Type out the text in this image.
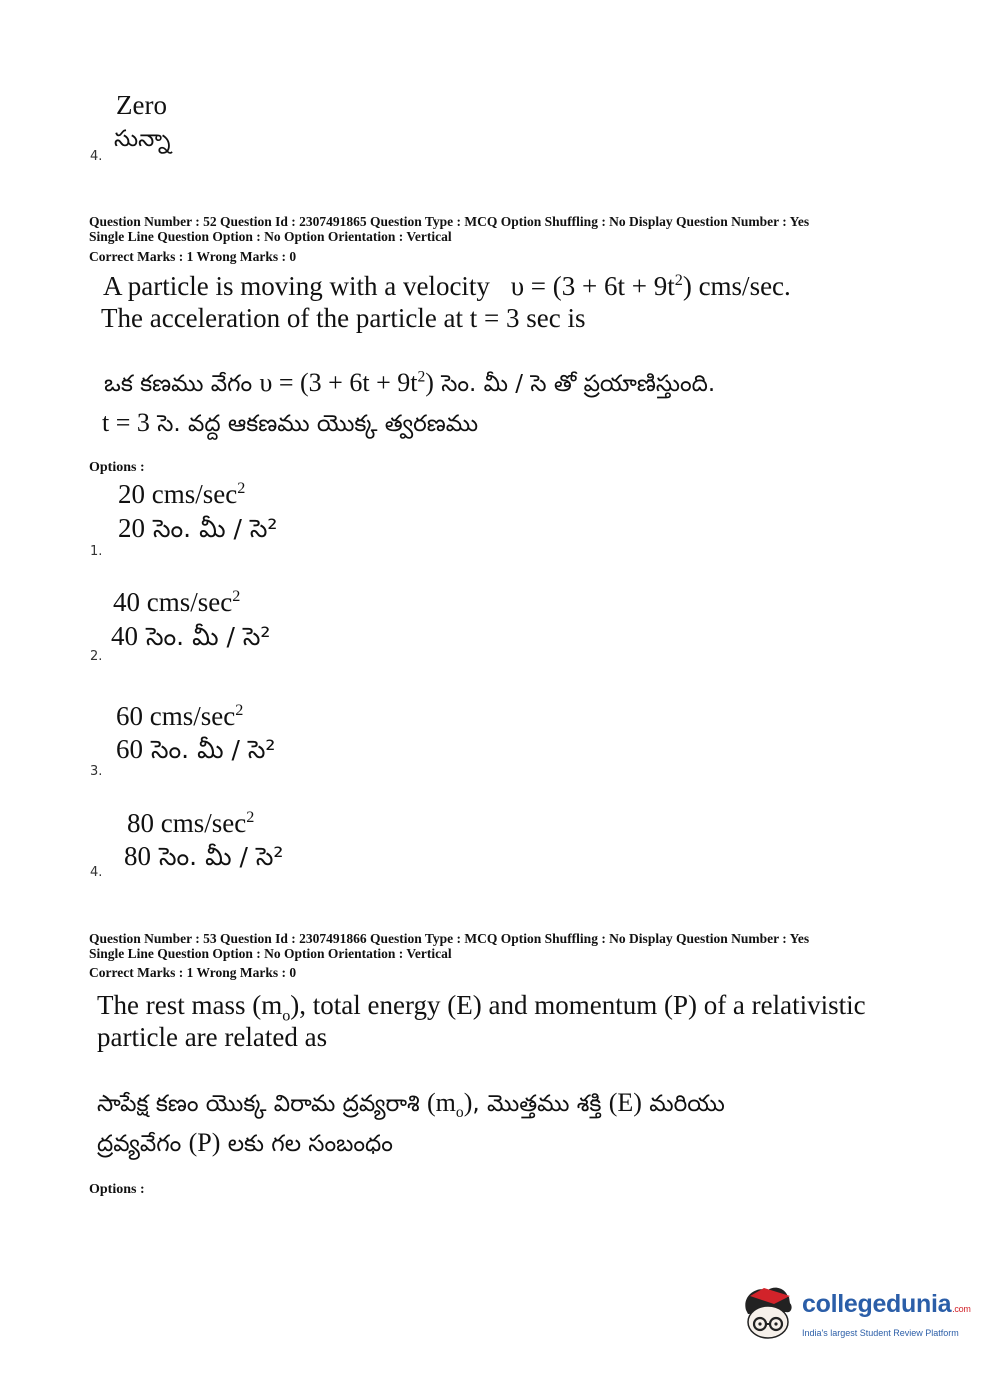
Zero
సున్నా
4.
Question Number : 52 Question Id : 2307491865 Question Type : MCQ Option Shuffling : No Display Question Number : Yes
Single Line Question Option : No Option Orientation : Vertical
Correct Marks : 1 Wrong Marks : 0
A particle is moving with a velocity $\upsilon = (3 + 6t + 9t^2)$ cms/sec.
The acceleration of the particle at t = 3 sec is
ఒక కణము వేగం $\upsilon = (3 + 6t + 9t^2)$ సెం. మీ / సె తో ప్రయాణిస్తుంది.
t = 3 సె. వద్ద ఆకణము యొక్క త్వరణము
Options :
20 cms/$\sec^2$
20 సెం. మీ / సె²
1.
40 cms/$\sec^2$
40 సెం. మీ / సె²
2.
60 cms/$\sec^2$
60 సెం. మీ / సె²
3.
80 cms/$\sec^2$
80 సెం. మీ / సె²
4.
Question Number : 53 Question Id : 2307491866 Question Type : MCQ Option Shuffling : No Display Question Number : Yes
Single Line Question Option : No Option Orientation : Vertical
Correct Marks : 1 Wrong Marks : 0
The rest mass $(m_o)$, total energy (E) and momentum (P) of a relativistic
particle are related as
సాపేక్ష కణం యొక్క విరామ ద్రవ్యరాశి $(m_o)$, మొత్తము శక్తి (E) మరియు
ద్రవ్యవేగం (P) లకు గల సంబంధం
Options :
collegedunia.com
India's largest Student Review Platform
